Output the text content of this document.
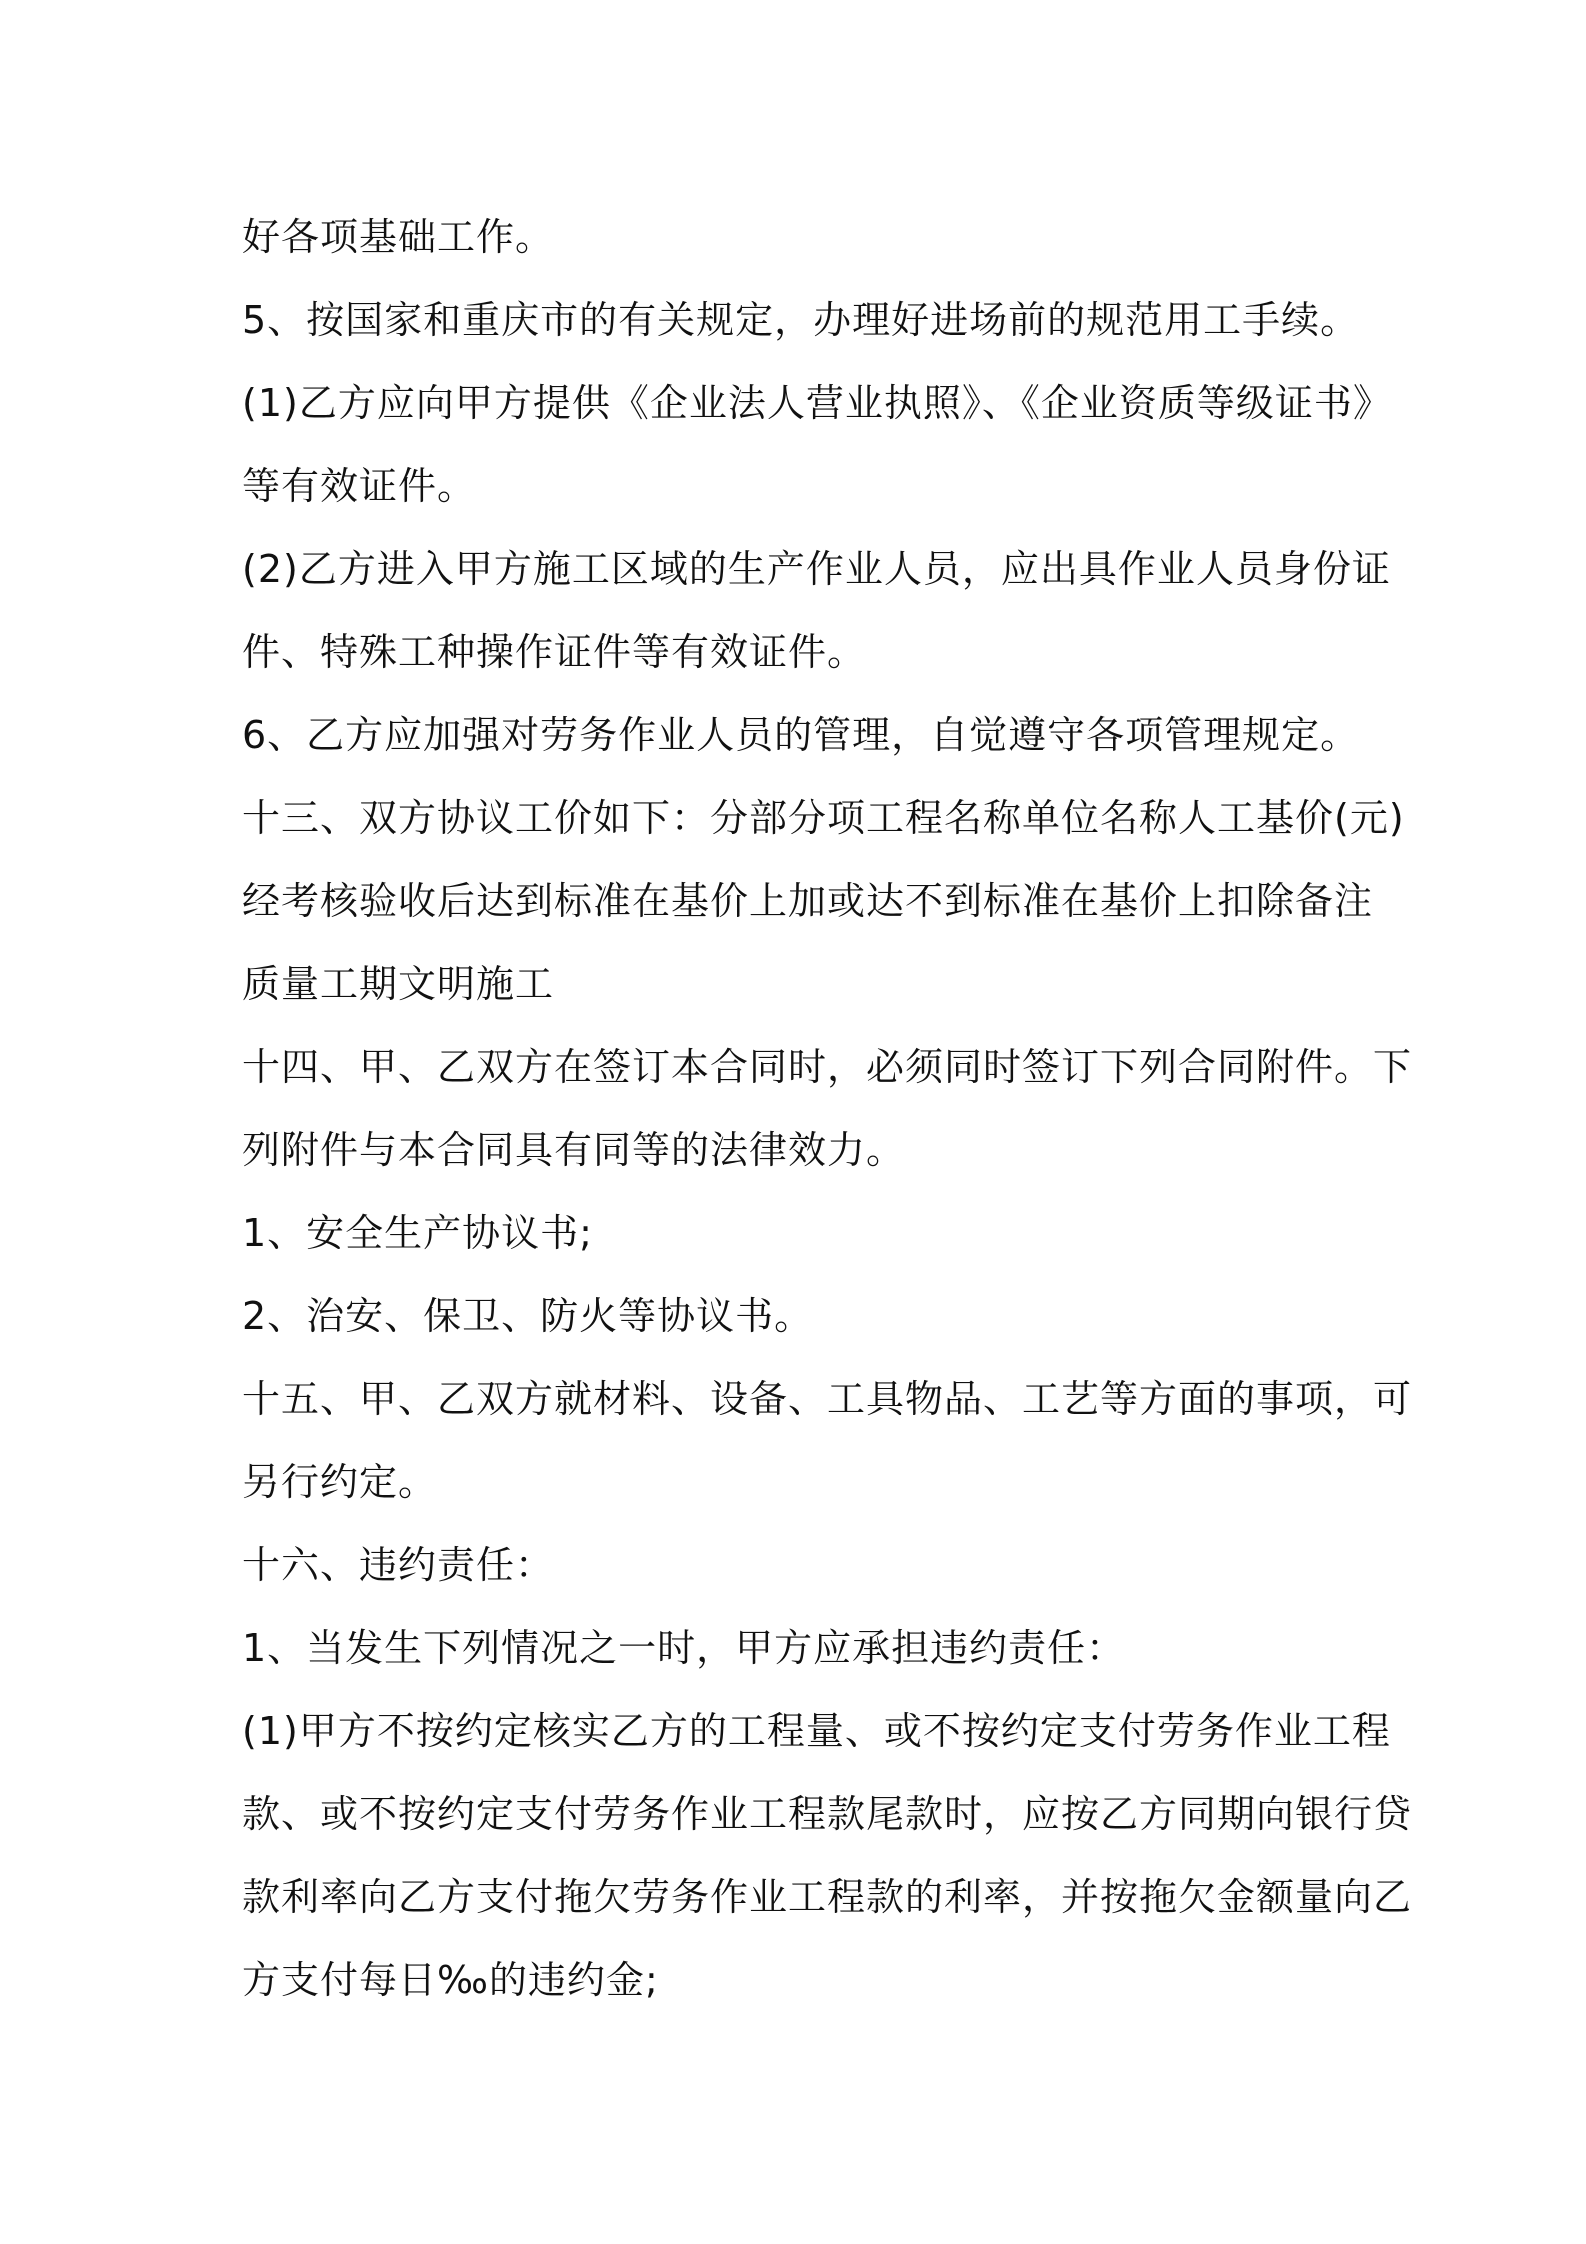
好各项基础工作。
5、按国家和重庆市的有关规定，办理好进场前的规范用工手续。
(1)乙方应向甲方提供《企业法人营业执照》、《企业资质等级证书》
等有效证件。
(2)乙方进入甲方施工区域的生产作业人员，应出具作业人员身份证
件、特殊工种操作证件等有效证件。
6、乙方应加强对劳务作业人员的管理，自觉遵守各项管理规定。
十三、双方协议工价如下：分部分项工程名称单位名称人工基价(元)
经考核验收后达到标准在基价上加或达不到标准在基价上扣除备注
质量工期文明施工
十四、甲、乙双方在签订本合同时，必须同时签订下列合同附件。下
列附件与本合同具有同等的法律效力。
1、安全生产协议书;
2、治安、保卫、防火等协议书。
十五、甲、乙双方就材料、设备、工具物品、工艺等方面的事项，可
另行约定。
十六、违约责任：
1、当发生下列情况之一时，甲方应承担违约责任：
(1)甲方不按约定核实乙方的工程量、或不按约定支付劳务作业工程
款、或不按约定支付劳务作业工程款尾款时，应按乙方同期向银行贷
款利率向乙方支付拖欠劳务作业工程款的利率，并按拖欠金额量向乙
方支付每日‰的违约金;
